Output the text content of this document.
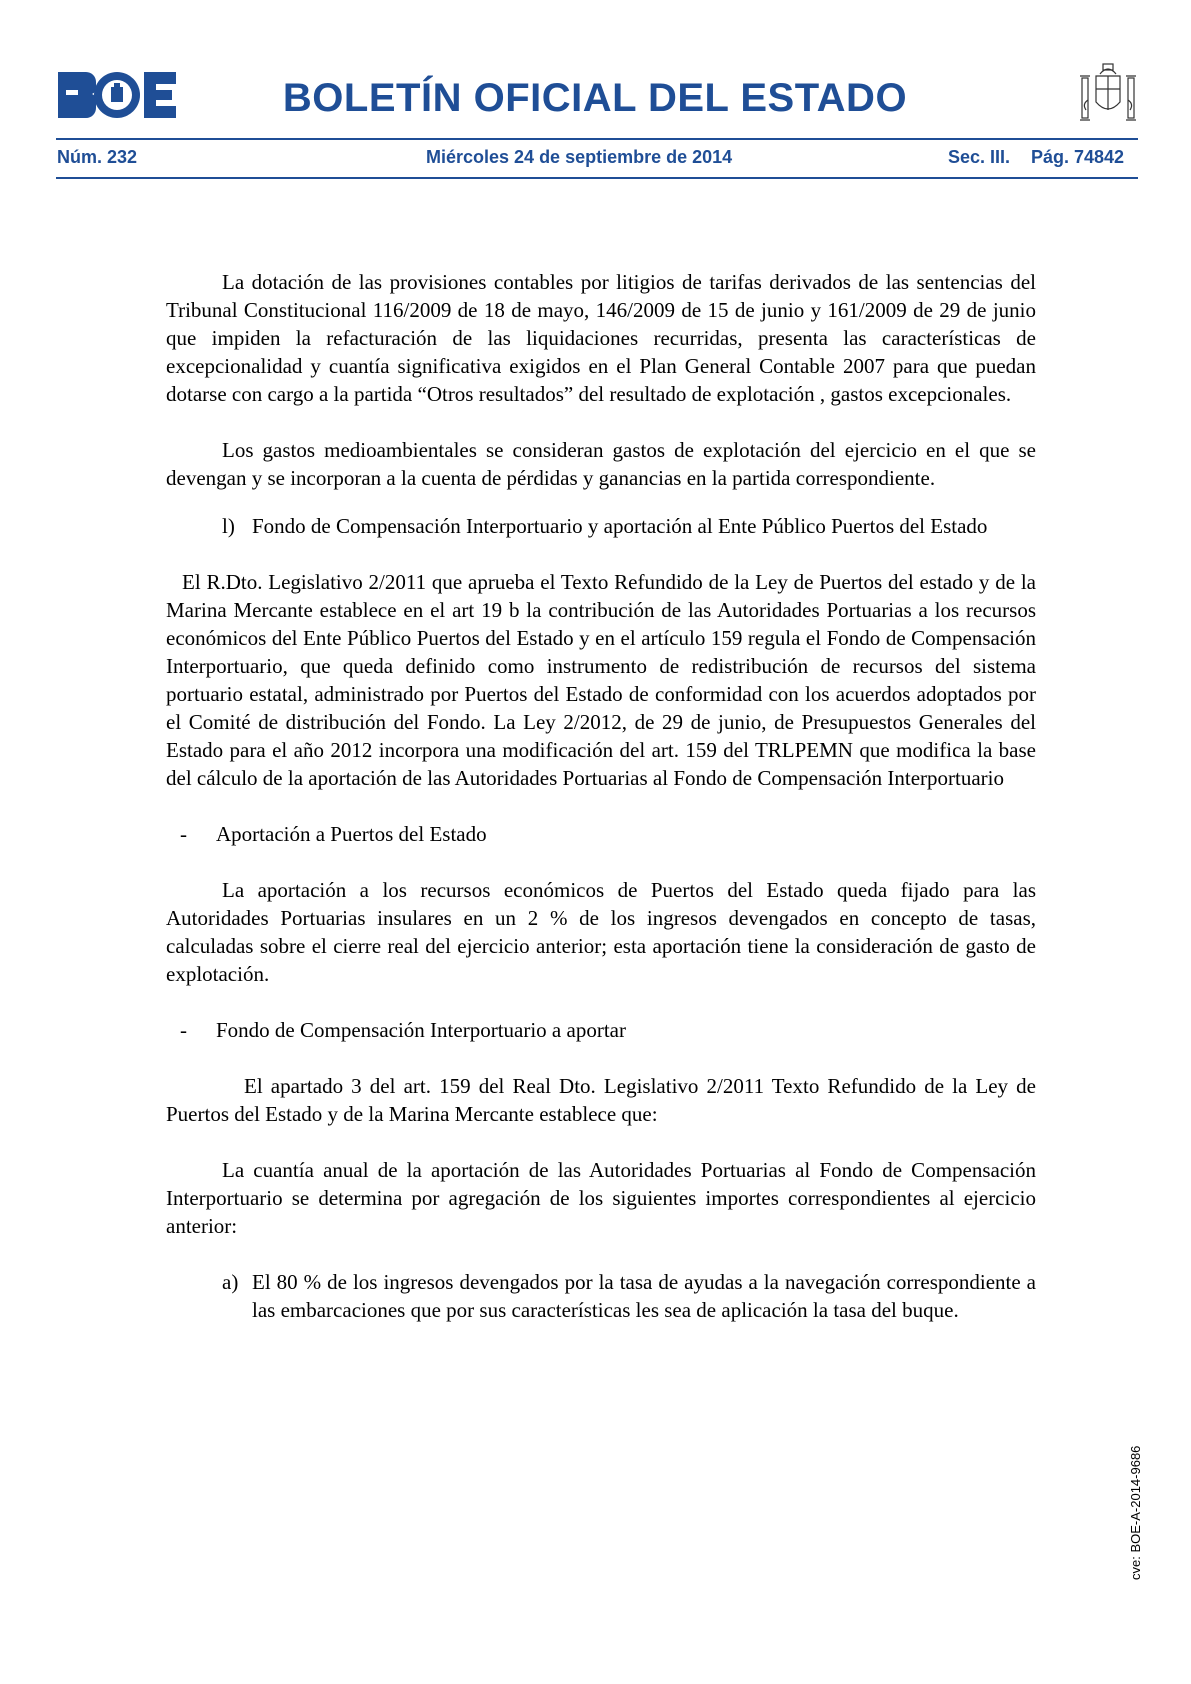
BOLETÍN OFICIAL DEL ESTADO
Núm. 232	Miércoles 24 de septiembre de 2014	Sec. III. Pág. 74842

La dotación de las provisiones contables por litigios de tarifas derivados de las sentencias del Tribunal Constitucional 116/2009 de 18 de mayo, 146/2009 de 15 de junio y 161/2009 de 29 de junio que impiden la refacturación de las liquidaciones recurridas, presenta las características de excepcionalidad y cuantía significativa exigidos en el Plan General Contable 2007 para que puedan dotarse con cargo a la partida “Otros resultados” del resultado de explotación , gastos excepcionales.

Los gastos medioambientales se consideran gastos de explotación del ejercicio en el que se devengan y se incorporan a la cuenta de pérdidas y ganancias en la partida correspondiente.

l) Fondo de Compensación Interportuario y aportación al Ente Público Puertos del Estado

El R.Dto. Legislativo 2/2011 que aprueba el Texto Refundido de la Ley de Puertos del estado y de la Marina Mercante establece en el art 19 b la contribución de las Autoridades Portuarias a los recursos económicos del Ente Público Puertos del Estado y en el artículo 159 regula el Fondo de Compensación Interportuario, que queda definido como instrumento de redistribución de recursos del sistema portuario estatal, administrado por Puertos del Estado de conformidad con los acuerdos adoptados por el Comité de distribución del Fondo. La Ley 2/2012, de 29 de junio, de Presupuestos Generales del Estado para el año 2012 incorpora una modificación del art. 159 del TRLPEMN que modifica la base del cálculo de la aportación de las Autoridades Portuarias al Fondo de Compensación Interportuario

- Aportación a Puertos del Estado

La aportación a los recursos económicos de Puertos del Estado queda fijado para las Autoridades Portuarias insulares en un 2 % de los ingresos devengados en concepto de tasas, calculadas sobre el cierre real del ejercicio anterior; esta aportación tiene la consideración de gasto de explotación.

- Fondo de Compensación Interportuario a aportar

El apartado 3 del art. 159 del Real Dto. Legislativo 2/2011 Texto Refundido de la Ley de Puertos del Estado y de la Marina Mercante establece que:

La cuantía anual de la aportación de las Autoridades Portuarias al Fondo de Compensación Interportuario se determina por agregación de los siguientes importes correspondientes al ejercicio anterior:

a) El 80 % de los ingresos devengados por la tasa de ayudas a la navegación correspondiente a las embarcaciones que por sus características les sea de aplicación la tasa del buque.
cve: BOE-A-2014-9686
